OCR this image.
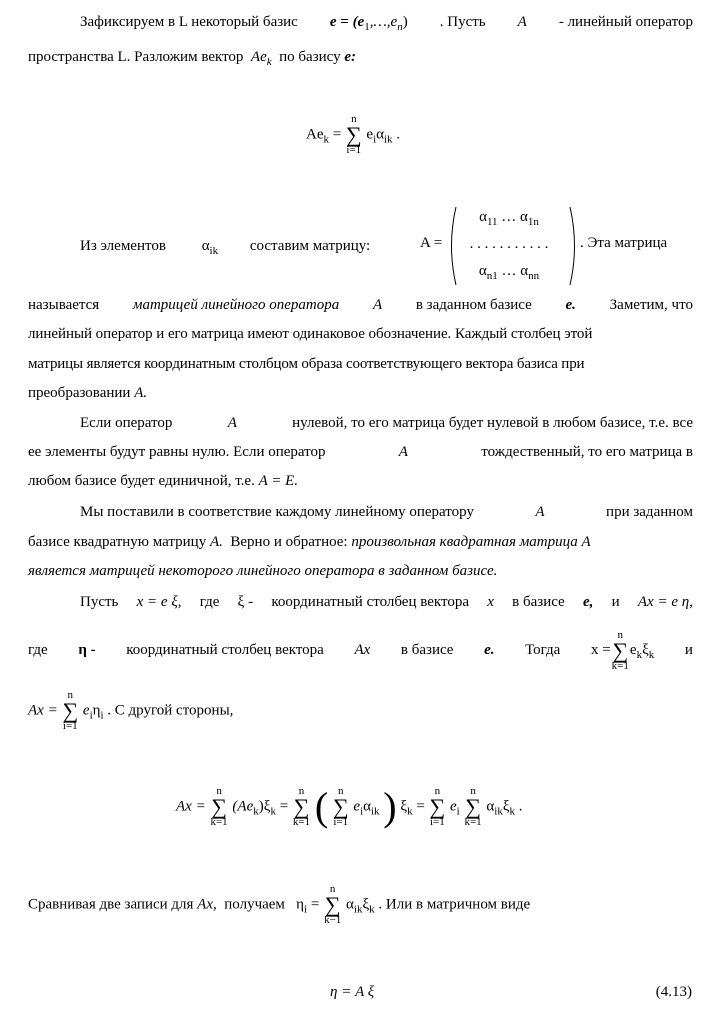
Зафиксируем в L некоторый базис $e = (e_1,\dots,e_n)$ . Пусть A - линейный оператор
пространства L. Разложим вектор $Ae_k$ по базису e:
$Ae_k$ =
n
∑
i=1
$e_i\alpha_{ik}$ .
Из элементов $\alpha_{ik}$ составим матрицу:	A =
$\alpha_{11}$ … $\alpha_{1n}$
. . . . . . . . . . .
$\alpha_{n1}$ … $\alpha_{nn}$
. Эта матрица
называется матрицей линейного оператора A в заданном базисе e. Заметим, что
линейный оператор и его матрица имеют одинаковое обозначение. Каждый столбец этой
матрицы является координатным столбцом образа соответствующего вектора базиса при
преобразовании A.
Если оператор	A	нулевой, то его матрица будет нулевой в любом базисе, т.е. все
ее элементы будут равны нулю. Если оператор	A	тождественный, то его матрица в
любом базисе будет единичной, т.е. A = E.
Мы поставили в соответствие каждому линейному оператору	A	при заданном
базисе квадратную матрицу A. Верно и обратное: произвольная квадратная матрица A
является матрицей некоторого линейного оператора в заданном базисе.
Пусть x = e ξ, где ξ - координатный столбец вектора x в базисе e, и Ax = e η,
где η - координатный столбец вектора Ax в базисе e. Тогда x =
n
∑
k=1
$e_k\xi_k$ и
Ax =
n
∑
i=1
$e_i\eta_i$ . С другой стороны,
Ax =
n
∑
k=1
$(Ae_k)\xi_k$ =
n
∑
k=1 ( n
∑
i=1
$e_i\alpha_{ik}$ ) $\xi_k$ =
n
∑
i=1
$e_i$
n
∑
k=1
$\alpha_{ik}\xi_k$ .
Сравнивая две записи для Ax, получаем $\eta_i$ =
n
∑
k−1
$\alpha_{ik}\xi_k$ . Или в матричном виде
η = A ξ	(4.13)
